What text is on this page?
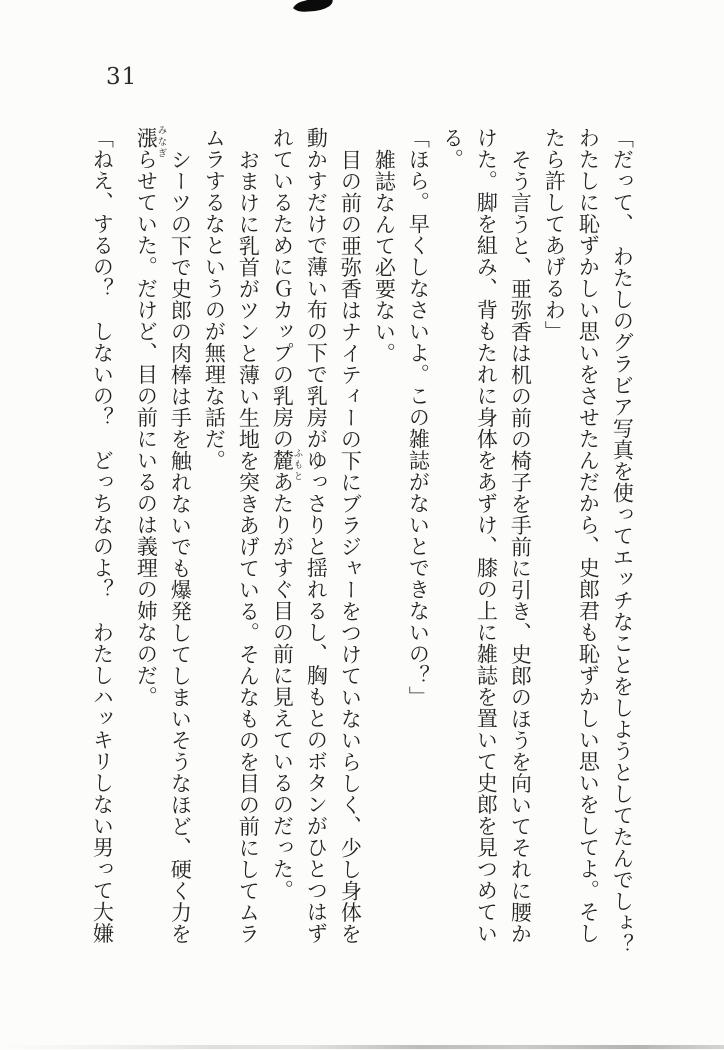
31
「だって、　わたしのグラビア写真を使ってエッチなことをしようとしてたんでしょ？
わたしに恥ずかしい思いをさせたんだから、史郎君も恥ずかしい思いをしてよ。そし
たら許してあげるわ」
そう言うと、亜弥香は机の前の椅子を手前に引き、史郎のほうを向いてそれに腰か
けた。脚を組み、背もたれに身体をあずけ、膝の上に雑誌を置いて史郎を見つめてい
る。
「ほら。早くしなさいよ。この雑誌がないとできないの？」
雑誌なんて必要ない。
目の前の亜弥香はナイティーの下にブラジャーをつけていないらしく、少し身体を
動かすだけで薄い布の下で乳房がゆっさりと揺れるし、胸もとのボタンがひとつはず
れているためにＧカップの乳房の麓あたりがすぐ目の前に見えているのだった。
おまけに乳首がツンと薄い生地を突きあげている。そんなものを目の前にしてムラ
ムラするなというのが無理な話だ。
シーツの下で史郎の肉棒は手を触れないでも爆発してしまいそうなほど、硬く力を
漲らせていた。だけど、目の前にいるのは義理の姉なのだ。
「ねえ、するの？　しないの？　どっちなのよ？　わたしハッキリしない男って大嫌	ふもと
みなぎ
